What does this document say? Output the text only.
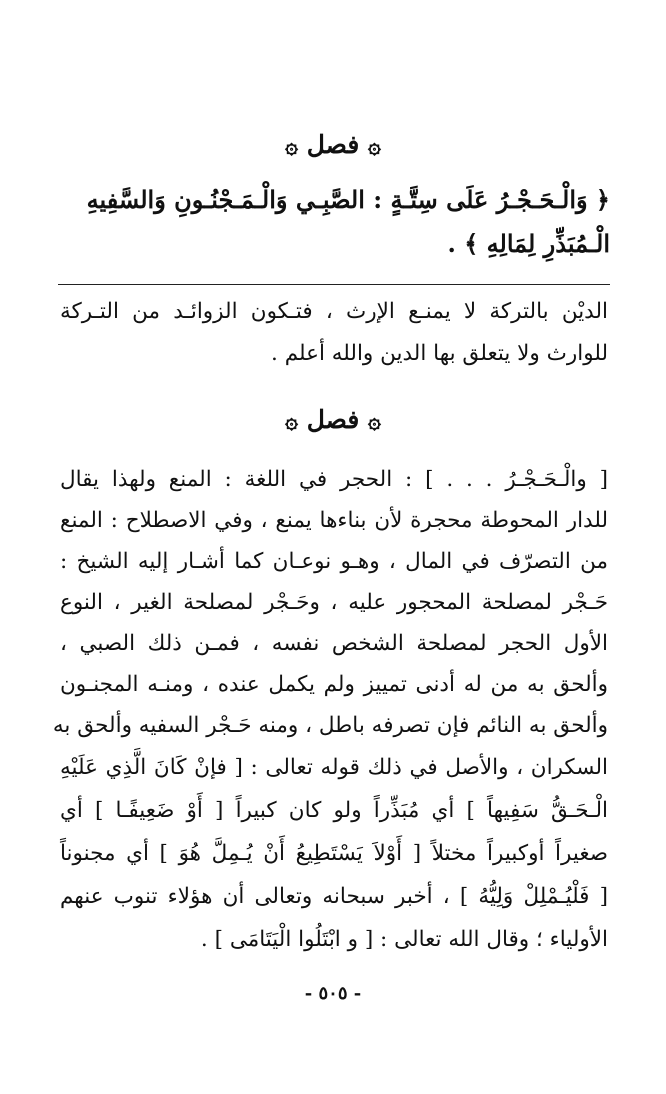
۞ فصل ۞
﴿ وَالْـحَـجْـرُ عَلَى سِتَّـةٍ : الصَّبِـي وَالْـمَـجْنُـونِ وَالسَّفِيهِ
الْـمُبَذِّرِ لِمَالِهِ ﴾ .
الديْن بالتركة لا يمنـع الإرث ، فتـكون الزوائـد من التـركة
للوارث ولا يتعلق بها الدين والله أعلم .
۞ فصل ۞
[ والْـحَـجْـرُ . . . ] : الحجر في اللغة : المنع ولهذا يقال
للدار المحوطة محجرة لأن بناءها يمنع ، وفي الاصطلاح : المنع
من التصرّف في المال ، وهـو نوعـان كما أشـار إليه الشيخ :
حَـجْر لمصلحة المحجور عليه ، وحَـجْر لمصلحة الغير ، النوع
الأول الحجر لمصلحة الشخص نفسه ، فمـن ذلك الصبي ،
وألحق به من له أدنى تمييز ولم يكمل عنده ، ومنـه المجنـون
وألحق به النائم فإن تصرفه باطل ، ومنه حَـجْر السفيه وألحق به
السكران ، والأصل في ذلك قوله تعالى : [ فإنْ كَانَ الَّذِي عَلَيْهِ
الْـحَـقُّ سَفِيهاً ] أي مُبَذِّراً ولو كان كبيراً [ أَوْ ضَعِيفًـا ] أي
صغيراً أوكبيراً مختلاً [ أَوْلاَ يَسْتَطِيعُ أَنْ يُـمِلَّ هُوَ ] أي مجنوناً
[ فَلْيُـمْلِلْ وَلِيُّهُ ] ، أخبر سبحانه وتعالى أن هؤلاء تنوب عنهم
الأولياء ؛ وقال الله تعالى : [ و ابْتَلُوا الْيَتَامَى ] .
- ٥٠٥ -
